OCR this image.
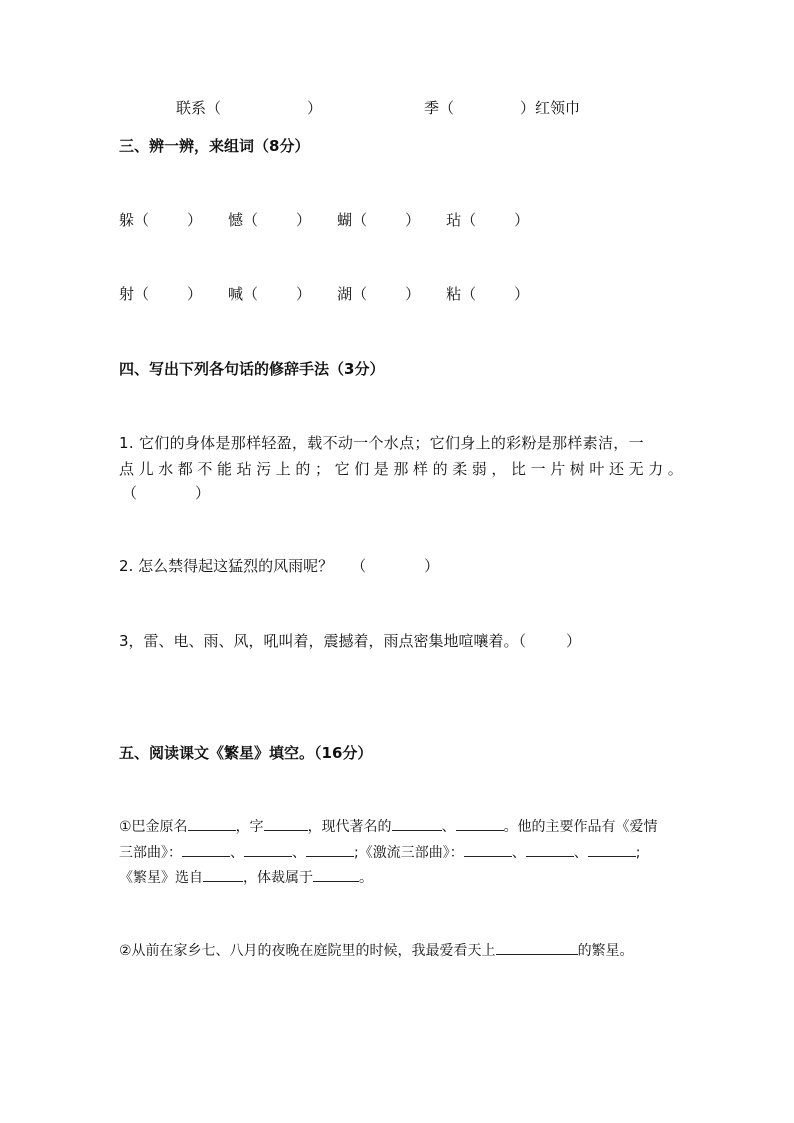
联系（	）	季（	）红领巾
三、辨一辨，来组词（8分）
躲（	） 憾（	） 蝴（	） 玷（	）
射（	） 喊（	） 湖（	） 粘（	）
四、写出下列各句话的修辞手法（3分）
1. 它们的身体是那样轻盈，载不动一个水点；它们身上的彩粉是那样素洁，一
点儿水都不能玷污上的；它们是那样的柔弱，比一片树叶还无力。
（	）
2. 怎么禁得起这猛烈的风雨呢？ （	）
3，雷、电、雨、风，吼叫着，震撼着，雨点密集地喧嚷着。（	）
五、阅读课文《繁星》填空。（16分）
①巴金原名	，字	，现代著名的	、	。他的主要作品有《爱情
三部曲》：	、	、	;《激流三部曲》：	、	、	;
《繁星》选自	，体裁属于	。
②从前在家乡七、八月的夜晚在庭院里的时候，我最爱看天上	的繁星。
